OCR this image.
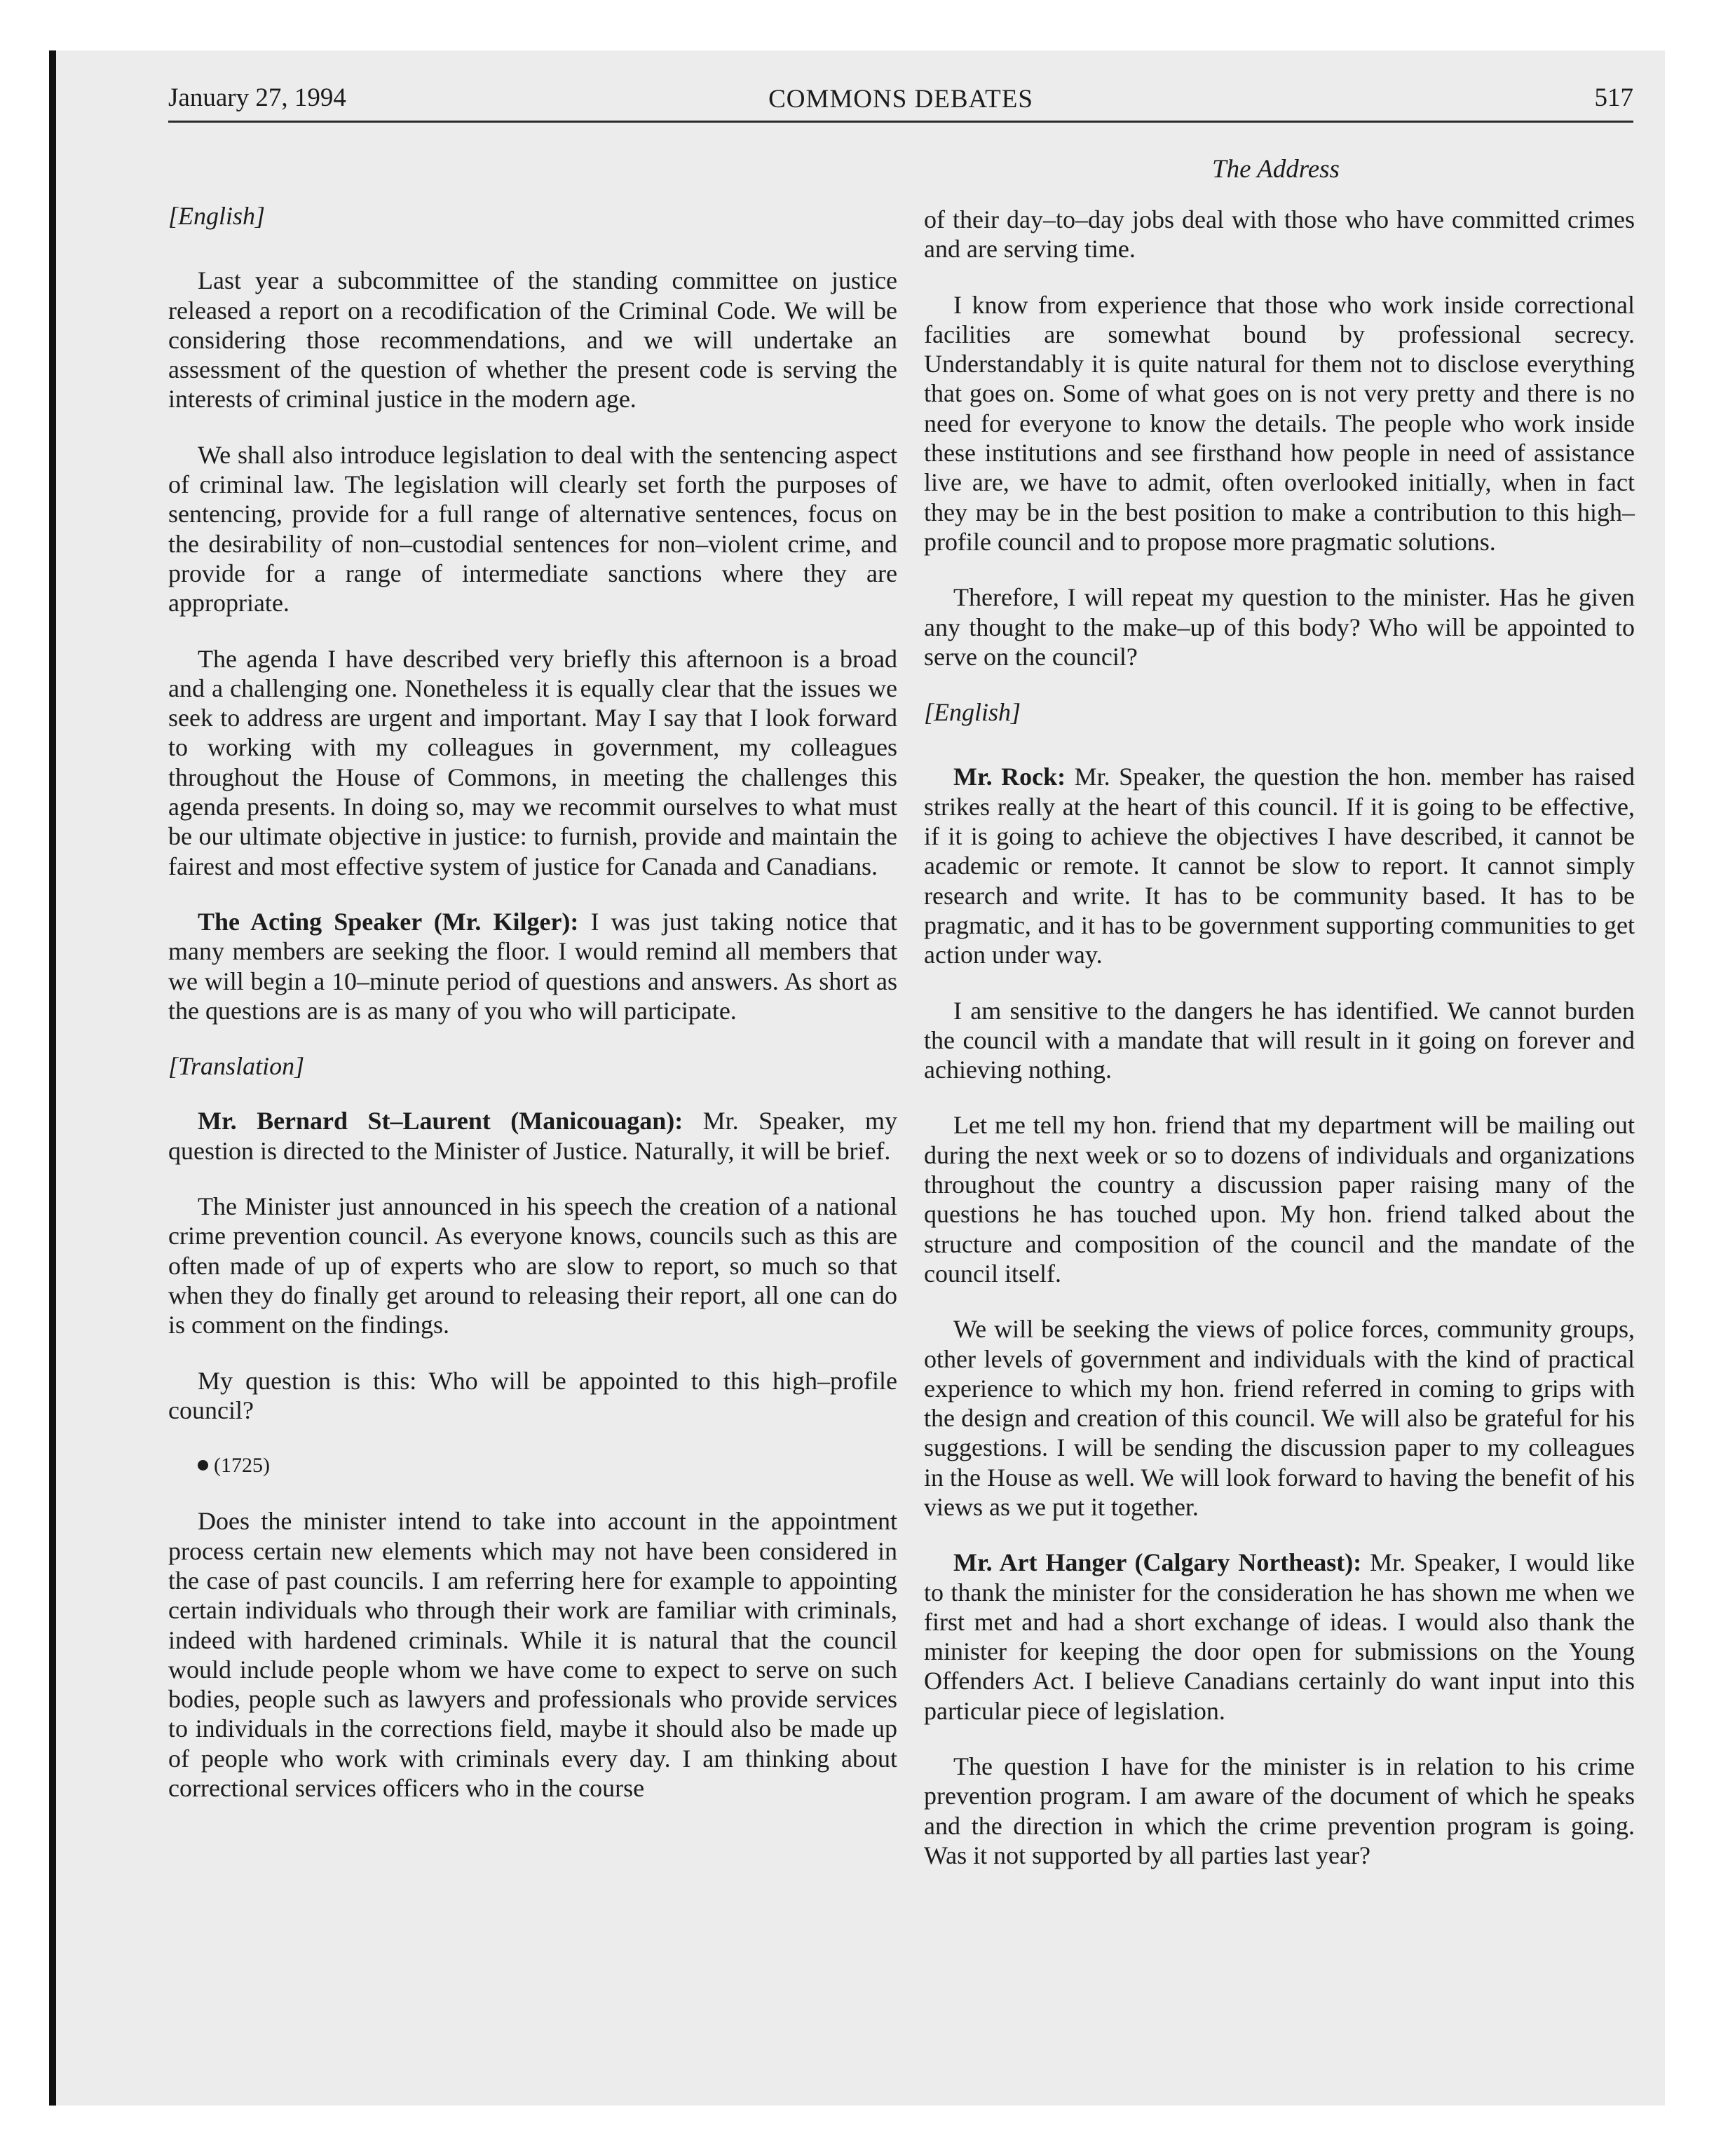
January 27, 1994	COMMONS DEBATES	517
The Address

[English]

Last year a subcommittee of the standing committee on justice released a report on a recodification of the Criminal Code. We will be considering those recommendations, and we will undertake an assessment of the question of whether the present code is serving the interests of criminal justice in the modern age.

We shall also introduce legislation to deal with the sentencing aspect of criminal law. The legislation will clearly set forth the purposes of sentencing, provide for a full range of alternative sentences, focus on the desirability of non–custodial sentences for non–violent crime, and provide for a range of intermediate sanctions where they are appropriate.

The agenda I have described very briefly this afternoon is a broad and a challenging one. Nonetheless it is equally clear that the issues we seek to address are urgent and important. May I say that I look forward to working with my colleagues in government, my colleagues throughout the House of Commons, in meeting the challenges this agenda presents. In doing so, may we recommit ourselves to what must be our ultimate objective in justice: to furnish, provide and maintain the fairest and most effective system of justice for Canada and Canadians.

The Acting Speaker (Mr. Kilger): I was just taking notice that many members are seeking the floor. I would remind all members that we will begin a 10–minute period of questions and answers. As short as the questions are is as many of you who will participate.

[Translation]

Mr. Bernard St–Laurent (Manicouagan): Mr. Speaker, my question is directed to the Minister of Justice. Naturally, it will be brief.

The Minister just announced in his speech the creation of a national crime prevention council. As everyone knows, councils such as this are often made of up of experts who are slow to report, so much so that when they do finally get around to releasing their report, all one can do is comment on the findings.

My question is this: Who will be appointed to this high–profile council?

(1725)

Does the minister intend to take into account in the appointment process certain new elements which may not have been considered in the case of past councils. I am referring here for example to appointing certain individuals who through their work are familiar with criminals, indeed with hardened criminals. While it is natural that the council would include people whom we have come to expect to serve on such bodies, people such as lawyers and professionals who provide services to individuals in the corrections field, maybe it should also be made up of people who work with criminals every day. I am thinking about correctional services officers who in the course

of their day–to–day jobs deal with those who have committed crimes and are serving time.

I know from experience that those who work inside correctional facilities are somewhat bound by professional secrecy. Understandably it is quite natural for them not to disclose everything that goes on. Some of what goes on is not very pretty and there is no need for everyone to know the details. The people who work inside these institutions and see firsthand how people in need of assistance live are, we have to admit, often overlooked initially, when in fact they may be in the best position to make a contribution to this high–profile council and to propose more pragmatic solutions.

Therefore, I will repeat my question to the minister. Has he given any thought to the make–up of this body? Who will be appointed to serve on the council?

[English]

Mr. Rock: Mr. Speaker, the question the hon. member has raised strikes really at the heart of this council. If it is going to be effective, if it is going to achieve the objectives I have described, it cannot be academic or remote. It cannot be slow to report. It cannot simply research and write. It has to be community based. It has to be pragmatic, and it has to be government supporting communities to get action under way.

I am sensitive to the dangers he has identified. We cannot burden the council with a mandate that will result in it going on forever and achieving nothing.

Let me tell my hon. friend that my department will be mailing out during the next week or so to dozens of individuals and organizations throughout the country a discussion paper raising many of the questions he has touched upon. My hon. friend talked about the structure and composition of the council and the mandate of the council itself.

We will be seeking the views of police forces, community groups, other levels of government and individuals with the kind of practical experience to which my hon. friend referred in coming to grips with the design and creation of this council. We will also be grateful for his suggestions. I will be sending the discussion paper to my colleagues in the House as well. We will look forward to having the benefit of his views as we put it together.

Mr. Art Hanger (Calgary Northeast): Mr. Speaker, I would like to thank the minister for the consideration he has shown me when we first met and had a short exchange of ideas. I would also thank the minister for keeping the door open for submissions on the Young Offenders Act. I believe Canadians certainly do want input into this particular piece of legislation.

The question I have for the minister is in relation to his crime prevention program. I am aware of the document of which he speaks and the direction in which the crime prevention program is going. Was it not supported by all parties last year?
